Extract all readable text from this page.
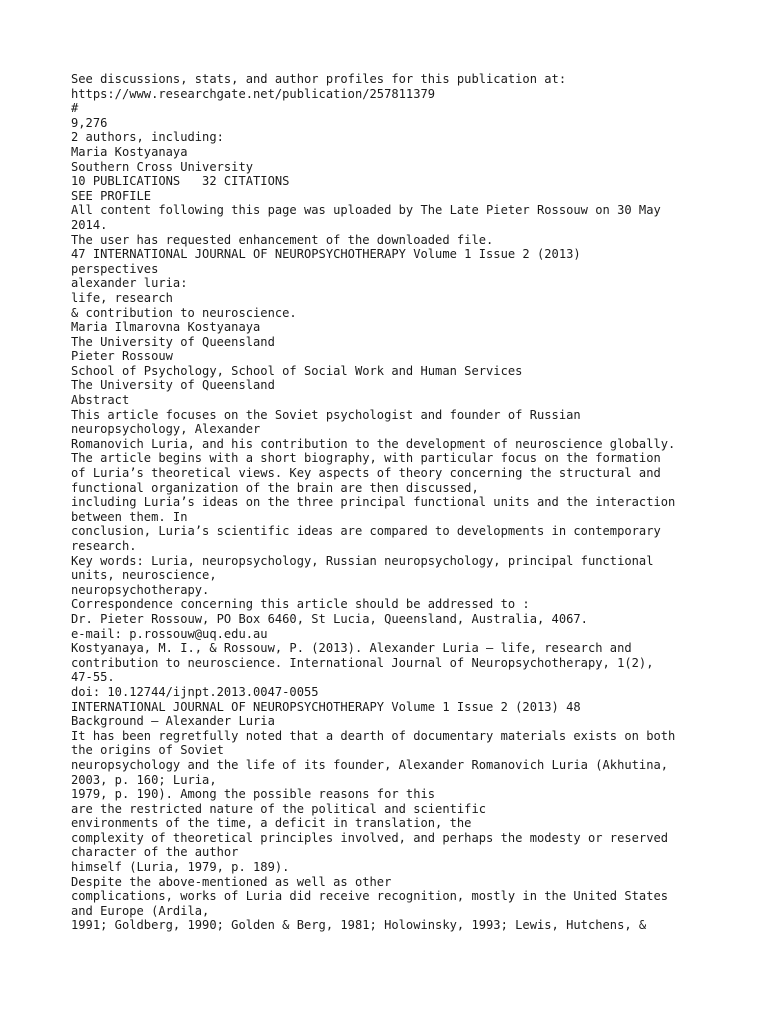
See discussions, stats, and author profiles for this publication at:
https://www.researchgate.net/publication/257811379
#
9,276
2 authors, including:
Maria Kostyanaya
Southern Cross University
10 PUBLICATIONS   32 CITATIONS
SEE PROFILE
All content following this page was uploaded by The Late Pieter Rossouw on 30 May
2014.
The user has requested enhancement of the downloaded file.
47 INTERNATIONAL JOURNAL OF NEUROPSYCHOTHERAPY Volume 1 Issue 2 (2013)
perspectives
alexander luria:
life, research
& contribution to neuroscience.
Maria Ilmarovna Kostyanaya
The University of Queensland
Pieter Rossouw
School of Psychology, School of Social Work and Human Services
The University of Queensland
Abstract
This article focuses on the Soviet psychologist and founder of Russian
neuropsychology, Alexander
Romanovich Luria, and his contribution to the development of neuroscience globally.
The article begins with a short biography, with particular focus on the formation
of Luria’s theoretical views. Key aspects of theory concerning the structural and
functional organization of the brain are then discussed,
including Luria’s ideas on the three principal functional units and the interaction
between them. In
conclusion, Luria’s scientific ideas are compared to developments in contemporary
research.
Key words: Luria, neuropsychology, Russian neuropsychology, principal functional
units, neuroscience,
neuropsychotherapy.
Correspondence concerning this article should be addressed to :
Dr. Pieter Rossouw, PO Box 6460, St Lucia, Queensland, Australia, 4067.
e-mail: p.rossouw@uq.edu.au
Kostyanaya, M. I., & Rossouw, P. (2013). Alexander Luria – life, research and
contribution to neuroscience. International Journal of Neuropsychotherapy, 1(2),
47-55.
doi: 10.12744/ijnpt.2013.0047-0055
INTERNATIONAL JOURNAL OF NEUROPSYCHOTHERAPY Volume 1 Issue 2 (2013) 48
Background – Alexander Luria
It has been regretfully noted that a dearth of documentary materials exists on both
the origins of Soviet
neuropsychology and the life of its founder, Alexander Romanovich Luria (Akhutina,
2003, p. 160; Luria,
1979, p. 190). Among the possible reasons for this
are the restricted nature of the political and scientific
environments of the time, a deficit in translation, the
complexity of theoretical principles involved, and perhaps the modesty or reserved
character of the author
himself (Luria, 1979, p. 189).
Despite the above-mentioned as well as other
complications, works of Luria did receive recognition, mostly in the United States
and Europe (Ardila,
1991; Goldberg, 1990; Golden & Berg, 1981; Holowinsky, 1993; Lewis, Hutchens, &
